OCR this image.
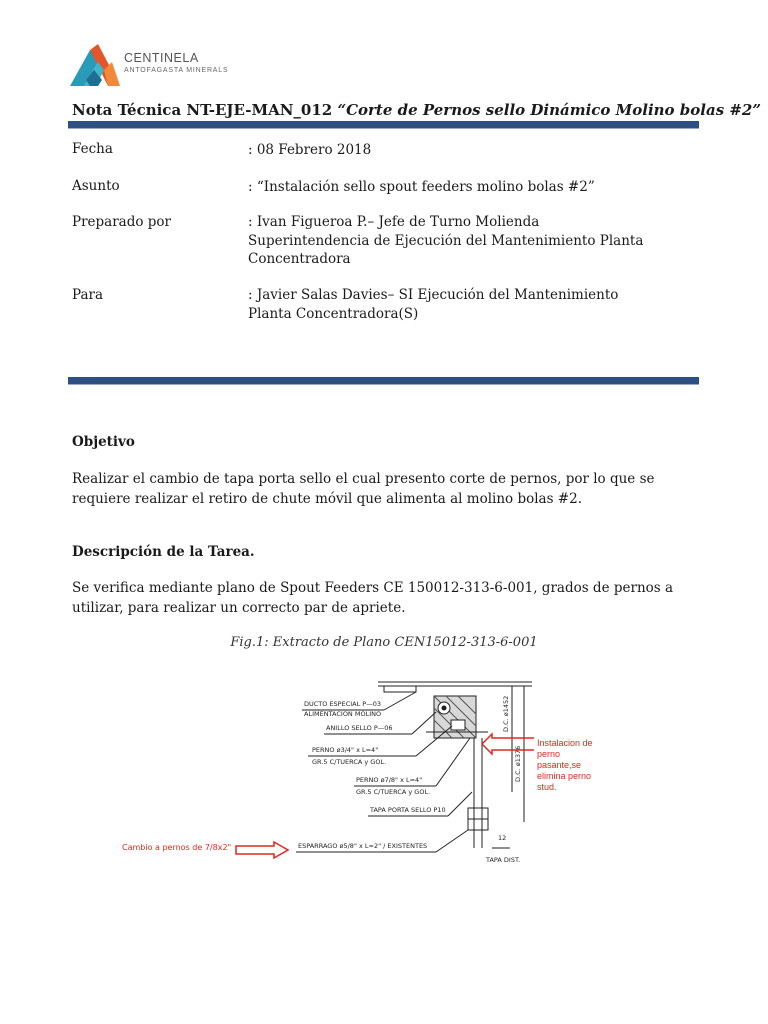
CENTINELA
ANTOFAGASTA MINERALS
Nota Técnica NT-EJE-MAN_012 “Corte de Pernos sello Dinámico Molino bolas #2”
Fecha	: 08 Febrero 2018
Asunto	: “Instalación sello spout feeders molino bolas #2”
Preparado por	: Ivan Figueroa P.– Jefe de Turno Molienda
Superintendencia de Ejecución del Mantenimiento Planta
Concentradora
Para	: Javier Salas Davies– SI Ejecución del Mantenimiento
Planta Concentradora(S)
Objetivo
Realizar el cambio de tapa porta sello el cual presento corte de pernos, por lo que se
requiere realizar el retiro de chute móvil que alimenta al molino bolas #2.
Descripción de la Tarea.
Se verifica mediante plano de Spout Feeders CE 150012-313-6-001, grados de pernos a
utilizar, para realizar un correcto par de apriete.
Fig.1: Extracto de Plano CEN15012-313-6-001
DUCTO ESPECIAL P—03
ALIMENTACION MOLINO
ANILLO SELLO P—06
PERNO ø3/4" x L=4"
GR.5 C/TUERCA y GOL.
PERNO ø7/8" x L=4"
GR.5 C/TUERCA y GOL.
TAPA PORTA SELLO P10
ESPARRAGO ø5/8" x L=2" / EXISTENTES
12
TAPA DIST.
D.C. ø1452
D.C. ø1376
Cambio a pernos de 7/8x2"
Instalacion de
perno
pasante,se
elimina perno
stud.
